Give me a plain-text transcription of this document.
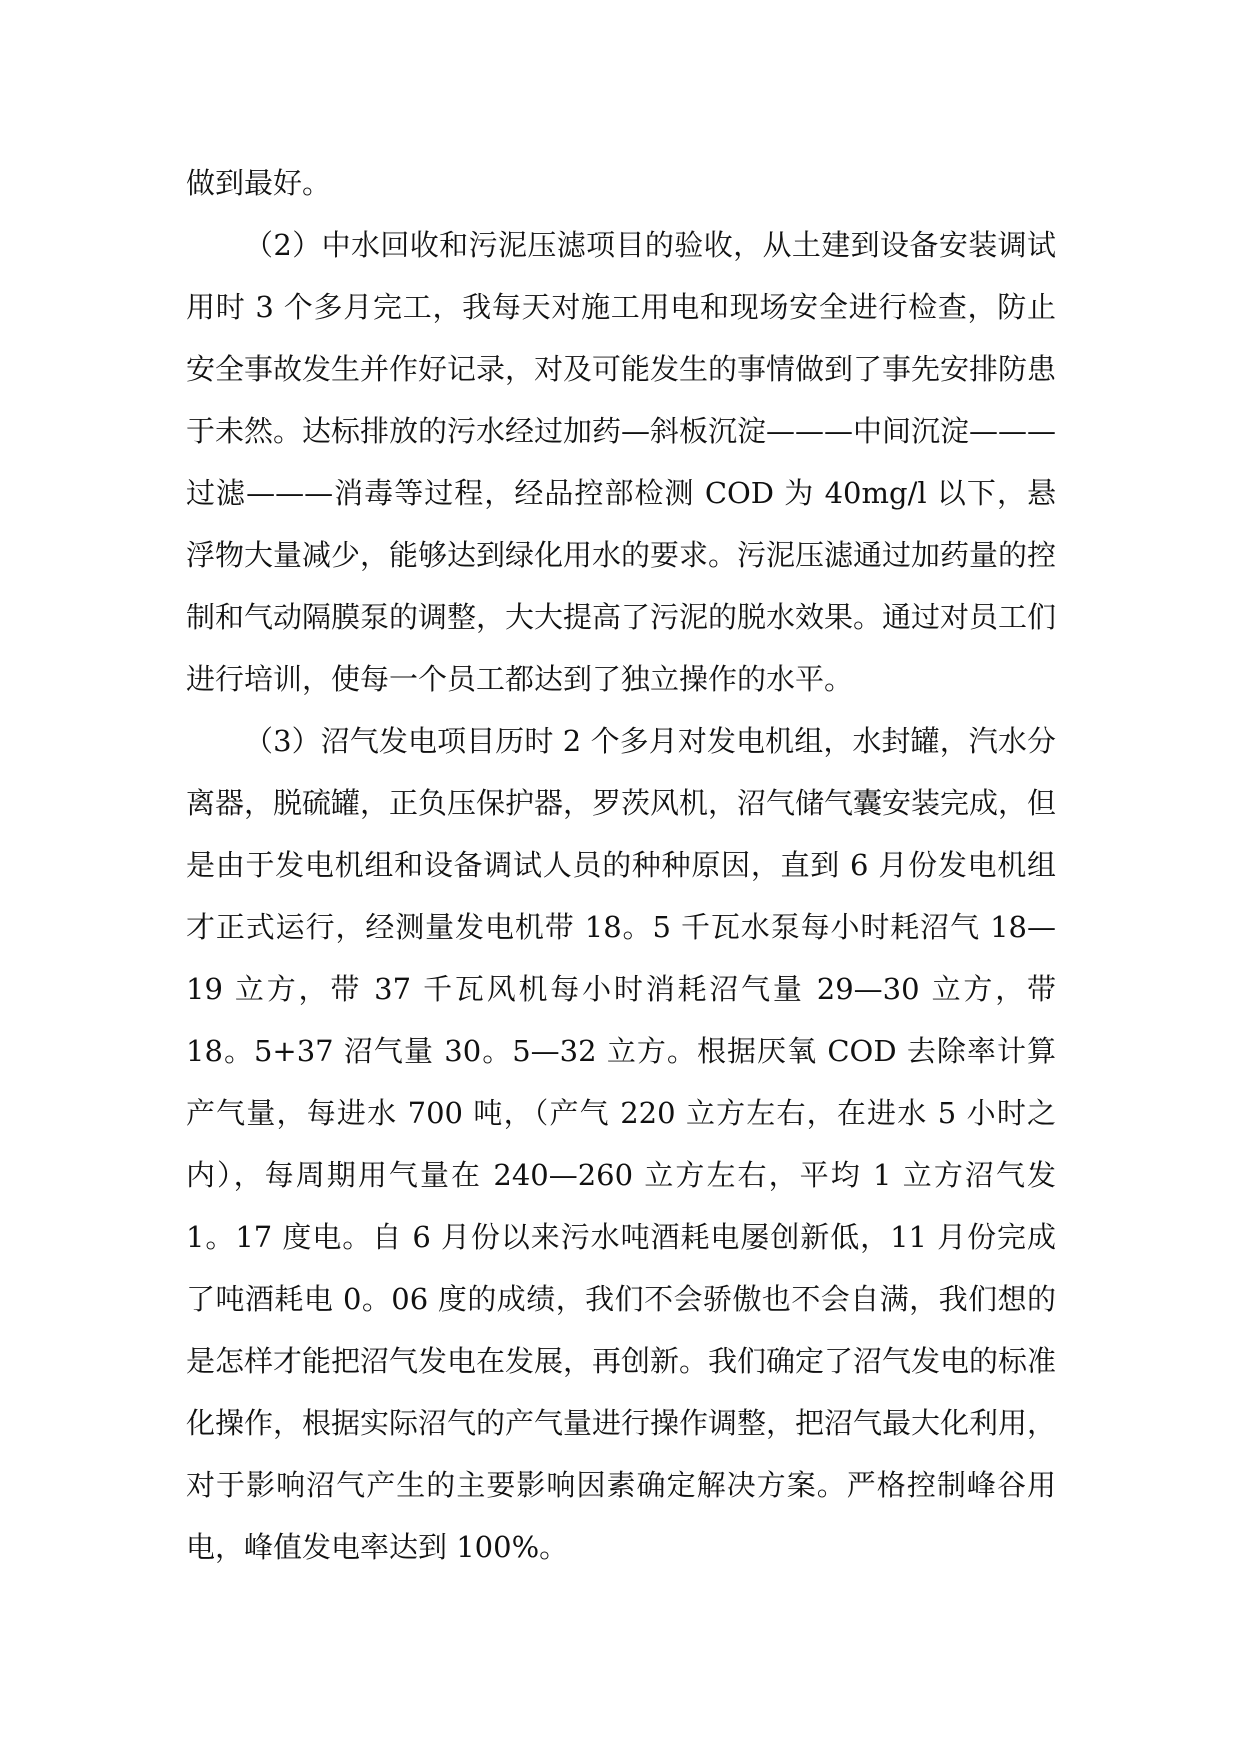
做到最好。

（2）中水回收和污泥压滤项目的验收，从土建到设备安装调试用时 3 个多月完工，我每天对施工用电和现场安全进行检查，防止安全事故发生并作好记录，对及可能发生的事情做到了事先安排防患于未然。达标排放的污水经过加药—斜板沉淀———中间沉淀———过滤———消毒等过程，经品控部检测 COD 为 40mg/l 以下，悬浮物大量减少，能够达到绿化用水的要求。污泥压滤通过加药量的控制和气动隔膜泵的调整，大大提高了污泥的脱水效果。通过对员工们进行培训，使每一个员工都达到了独立操作的水平。

（3）沼气发电项目历时 2 个多月对发电机组，水封罐，汽水分离器，脱硫罐，正负压保护器，罗茨风机，沼气储气囊安装完成，但是由于发电机组和设备调试人员的种种原因，直到 6 月份发电机组才正式运行，经测量发电机带 18。5 千瓦水泵每小时耗沼气 18—19 立方，带 37 千瓦风机每小时消耗沼气量 29—30 立方，带 18。5+37 沼气量 30。5—32 立方。根据厌氧 COD 去除率计算产气量，每进水 700 吨，（产气 220 立方左右，在进水 5 小时之内），每周期用气量在 240—260 立方左右，平均 1 立方沼气发 1。17 度电。自 6 月份以来污水吨酒耗电屡创新低，11 月份完成了吨酒耗电 0。06 度的成绩，我们不会骄傲也不会自满，我们想的是怎样才能把沼气发电在发展，再创新。我们确定了沼气发电的标准化操作，根据实际沼气的产气量进行操作调整，把沼气最大化利用，对于影响沼气产生的主要影响因素确定解决方案。严格控制峰谷用电，峰值发电率达到 100%。
